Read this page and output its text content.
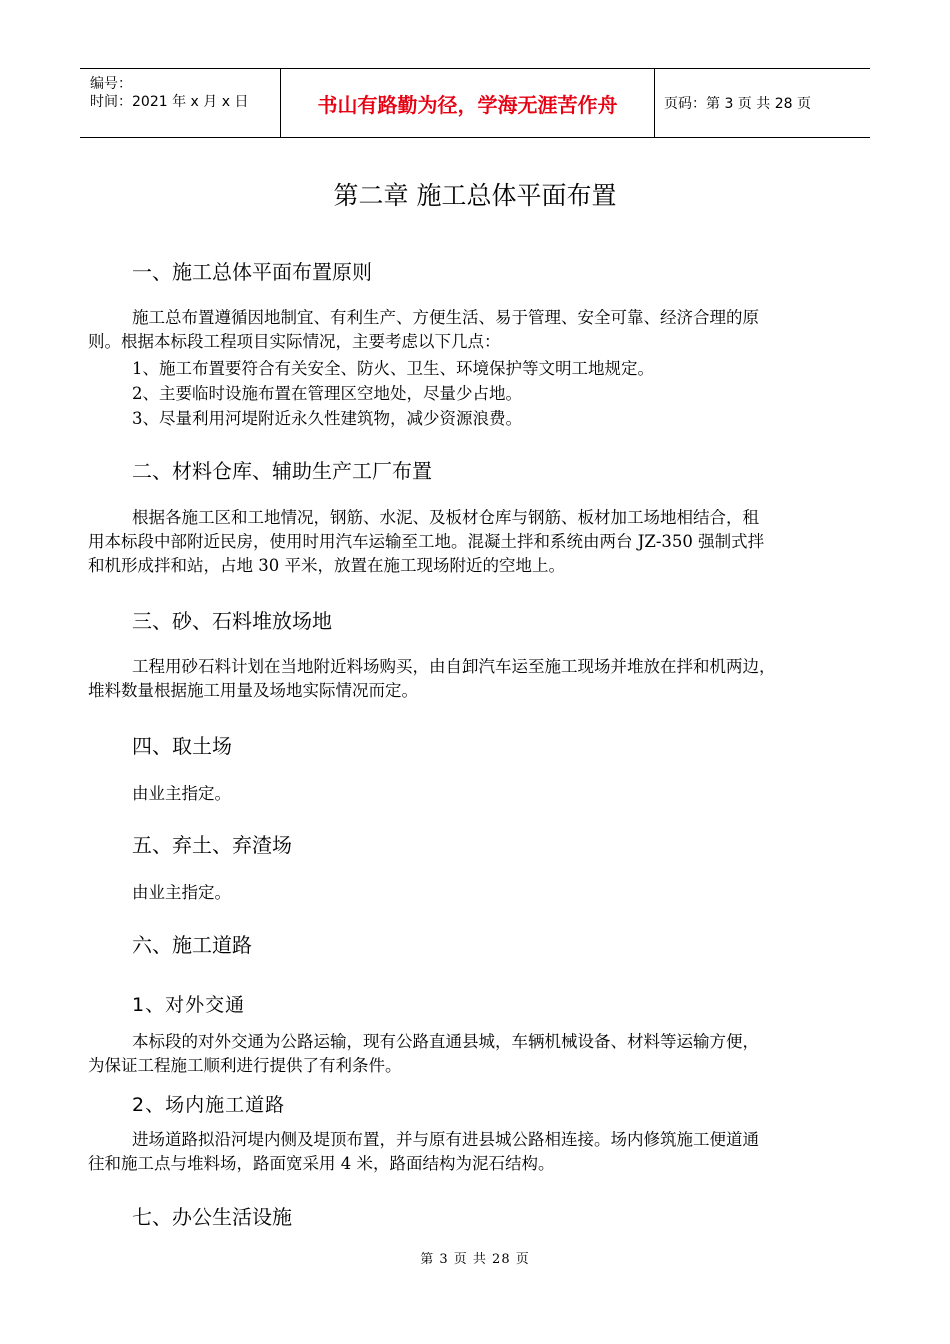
编号：
时间：2021 年 x 月 x 日	书山有路勤为径，学海无涯苦作舟	页码：第 3 页 共 28 页
第二章 施工总体平面布置
一、施工总体平面布置原则
施工总布置遵循因地制宜、有利生产、方便生活、易于管理、安全可靠、经济合理的原
则。根据本标段工程项目实际情况，主要考虑以下几点：
1、施工布置要符合有关安全、防火、卫生、环境保护等文明工地规定。
2、主要临时设施布置在管理区空地处，尽量少占地。
3、尽量利用河堤附近永久性建筑物，减少资源浪费。
二、材料仓库、辅助生产工厂布置
根据各施工区和工地情况，钢筋、水泥、及板材仓库与钢筋、板材加工场地相结合，租
用本标段中部附近民房，使用时用汽车运输至工地。混凝土拌和系统由两台 JZ-350 强制式拌
和机形成拌和站，占地 30 平米，放置在施工现场附近的空地上。
三、砂、石料堆放场地
工程用砂石料计划在当地附近料场购买，由自卸汽车运至施工现场并堆放在拌和机两边，
堆料数量根据施工用量及场地实际情况而定。
四、取土场
由业主指定。
五、弃土、弃渣场
由业主指定。
六、施工道路
1、对外交通
本标段的对外交通为公路运输，现有公路直通县城，车辆机械设备、材料等运输方便，
为保证工程施工顺利进行提供了有利条件。
2、场内施工道路
进场道路拟沿河堤内侧及堤顶布置，并与原有进县城公路相连接。场内修筑施工便道通
往和施工点与堆料场，路面宽采用 4 米，路面结构为泥石结构。
七、办公生活设施
第 3 页 共 28 页
